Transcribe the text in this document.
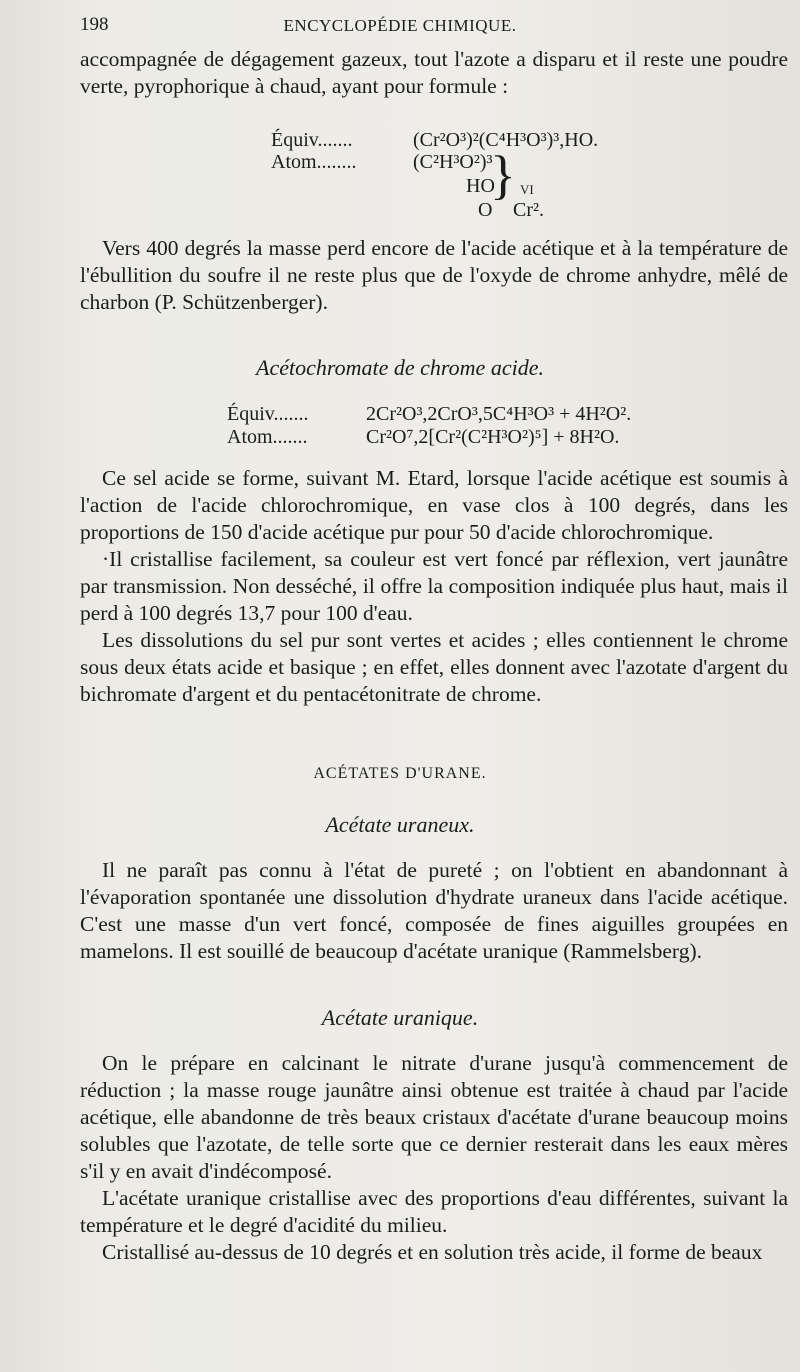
198	ENCYCLOPÉDIE CHIMIQUE.

accompagnée de dégagement gazeux, tout l'azote a disparu et il reste une poudre verte, pyrophorique à chaud, ayant pour formule :

Équiv.......	(Cr²O³)²(C⁴H³O³)³,HO.
Atom........	(C²H³O²)³
HO
O
} VI
Cr².

Vers 400 degrés la masse perd encore de l'acide acétique et à la température de l'ébullition du soufre il ne reste plus que de l'oxyde de chrome anhydre, mêlé de charbon (P. Schützenberger).

Acétochromate de chrome acide.
Équiv.......	2Cr²O³,2CrO³,5C⁴H³O³ + 4H²O².
Atom.......	Cr²O⁷,2[Cr²(C²H³O²)⁵] + 8H²O.

Ce sel acide se forme, suivant M. Etard, lorsque l'acide acétique est soumis à l'action de l'acide chlorochromique, en vase clos à 100 degrés, dans les proportions de 150 d'acide acétique pur pour 50 d'acide chlorochromique.

·Il cristallise facilement, sa couleur est vert foncé par réflexion, vert jaunâtre par transmission. Non desséché, il offre la composition indiquée plus haut, mais il perd à 100 degrés 13,7 pour 100 d'eau.

Les dissolutions du sel pur sont vertes et acides ; elles contiennent le chrome sous deux états acide et basique ; en effet, elles donnent avec l'azotate d'argent du bichromate d'argent et du pentacétonitrate de chrome.

ACÉTATES D'URANE.
Acétate uraneux.

Il ne paraît pas connu à l'état de pureté ; on l'obtient en abandonnant à l'évaporation spontanée une dissolution d'hydrate uraneux dans l'acide acétique. C'est une masse d'un vert foncé, composée de fines aiguilles groupées en mamelons. Il est souillé de beaucoup d'acétate uranique (Rammelsberg).

Acétate uranique.

On le prépare en calcinant le nitrate d'urane jusqu'à commencement de réduction ; la masse rouge jaunâtre ainsi obtenue est traitée à chaud par l'acide acétique, elle abandonne de très beaux cristaux d'acétate d'urane beaucoup moins solubles que l'azotate, de telle sorte que ce dernier resterait dans les eaux mères s'il y en avait d'indécomposé.

L'acétate uranique cristallise avec des proportions d'eau différentes, suivant la température et le degré d'acidité du milieu.

Cristallisé au-dessus de 10 degrés et en solution très acide, il forme de beaux
